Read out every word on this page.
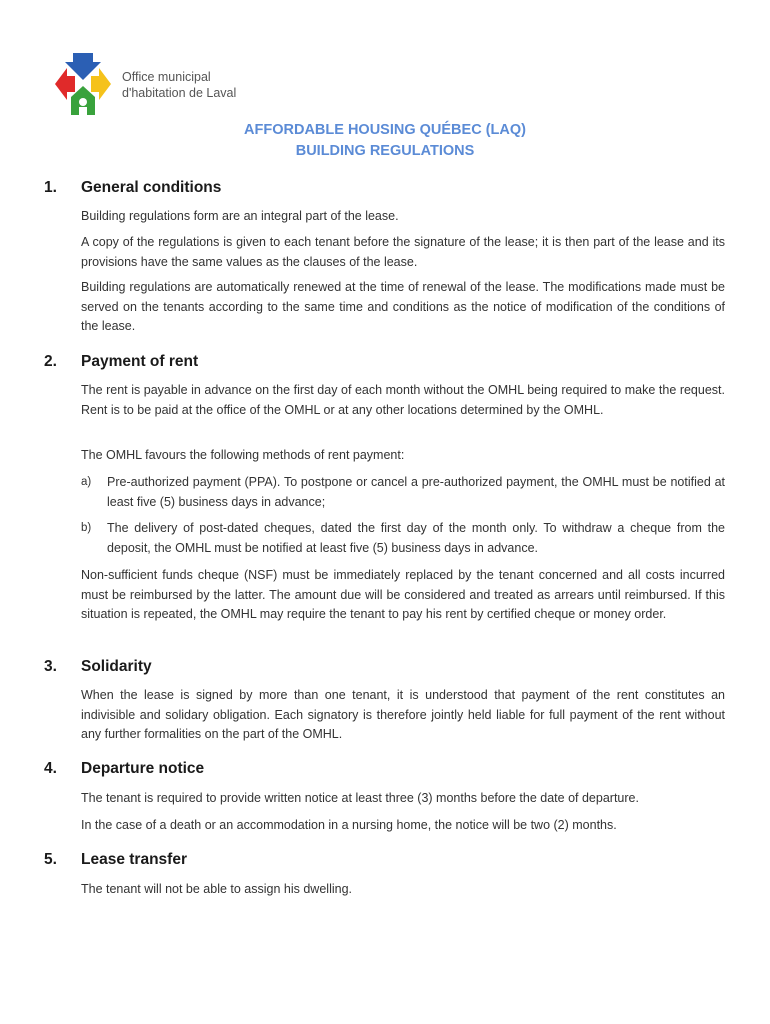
Office municipal
d'habitation de Laval
AFFORDABLE HOUSING QUÉBEC (LAQ)
BUILDING REGULATIONS
1. General conditions
Building regulations form are an integral part of the lease.
A copy of the regulations is given to each tenant before the signature of the lease; it is then part of the lease and its provisions have the same values as the clauses of the lease.
Building regulations are automatically renewed at the time of renewal of the lease. The modifications made must be served on the tenants according to the same time and conditions as the notice of modification of the conditions of the lease.
2. Payment of rent
The rent is payable in advance on the first day of each month without the OMHL being required to make the request. Rent is to be paid at the office of the OMHL or at any other locations determined by the OMHL.
The OMHL favours the following methods of rent payment:
a) Pre-authorized payment (PPA). To postpone or cancel a pre-authorized payment, the OMHL must be notified at least five (5) business days in advance;
b) The delivery of post-dated cheques, dated the first day of the month only. To withdraw a cheque from the deposit, the OMHL must be notified at least five (5) business days in advance.
Non-sufficient funds cheque (NSF) must be immediately replaced by the tenant concerned and all costs incurred must be reimbursed by the latter. The amount due will be considered and treated as arrears until reimbursed. If this situation is repeated, the OMHL may require the tenant to pay his rent by certified cheque or money order.
3. Solidarity
When the lease is signed by more than one tenant, it is understood that payment of the rent constitutes an indivisible and solidary obligation. Each signatory is therefore jointly held liable for full payment of the rent without any further formalities on the part of the OMHL.
4. Departure notice
The tenant is required to provide written notice at least three (3) months before the date of departure.
In the case of a death or an accommodation in a nursing home, the notice will be two (2) months.
5. Lease transfer
The tenant will not be able to assign his dwelling.
